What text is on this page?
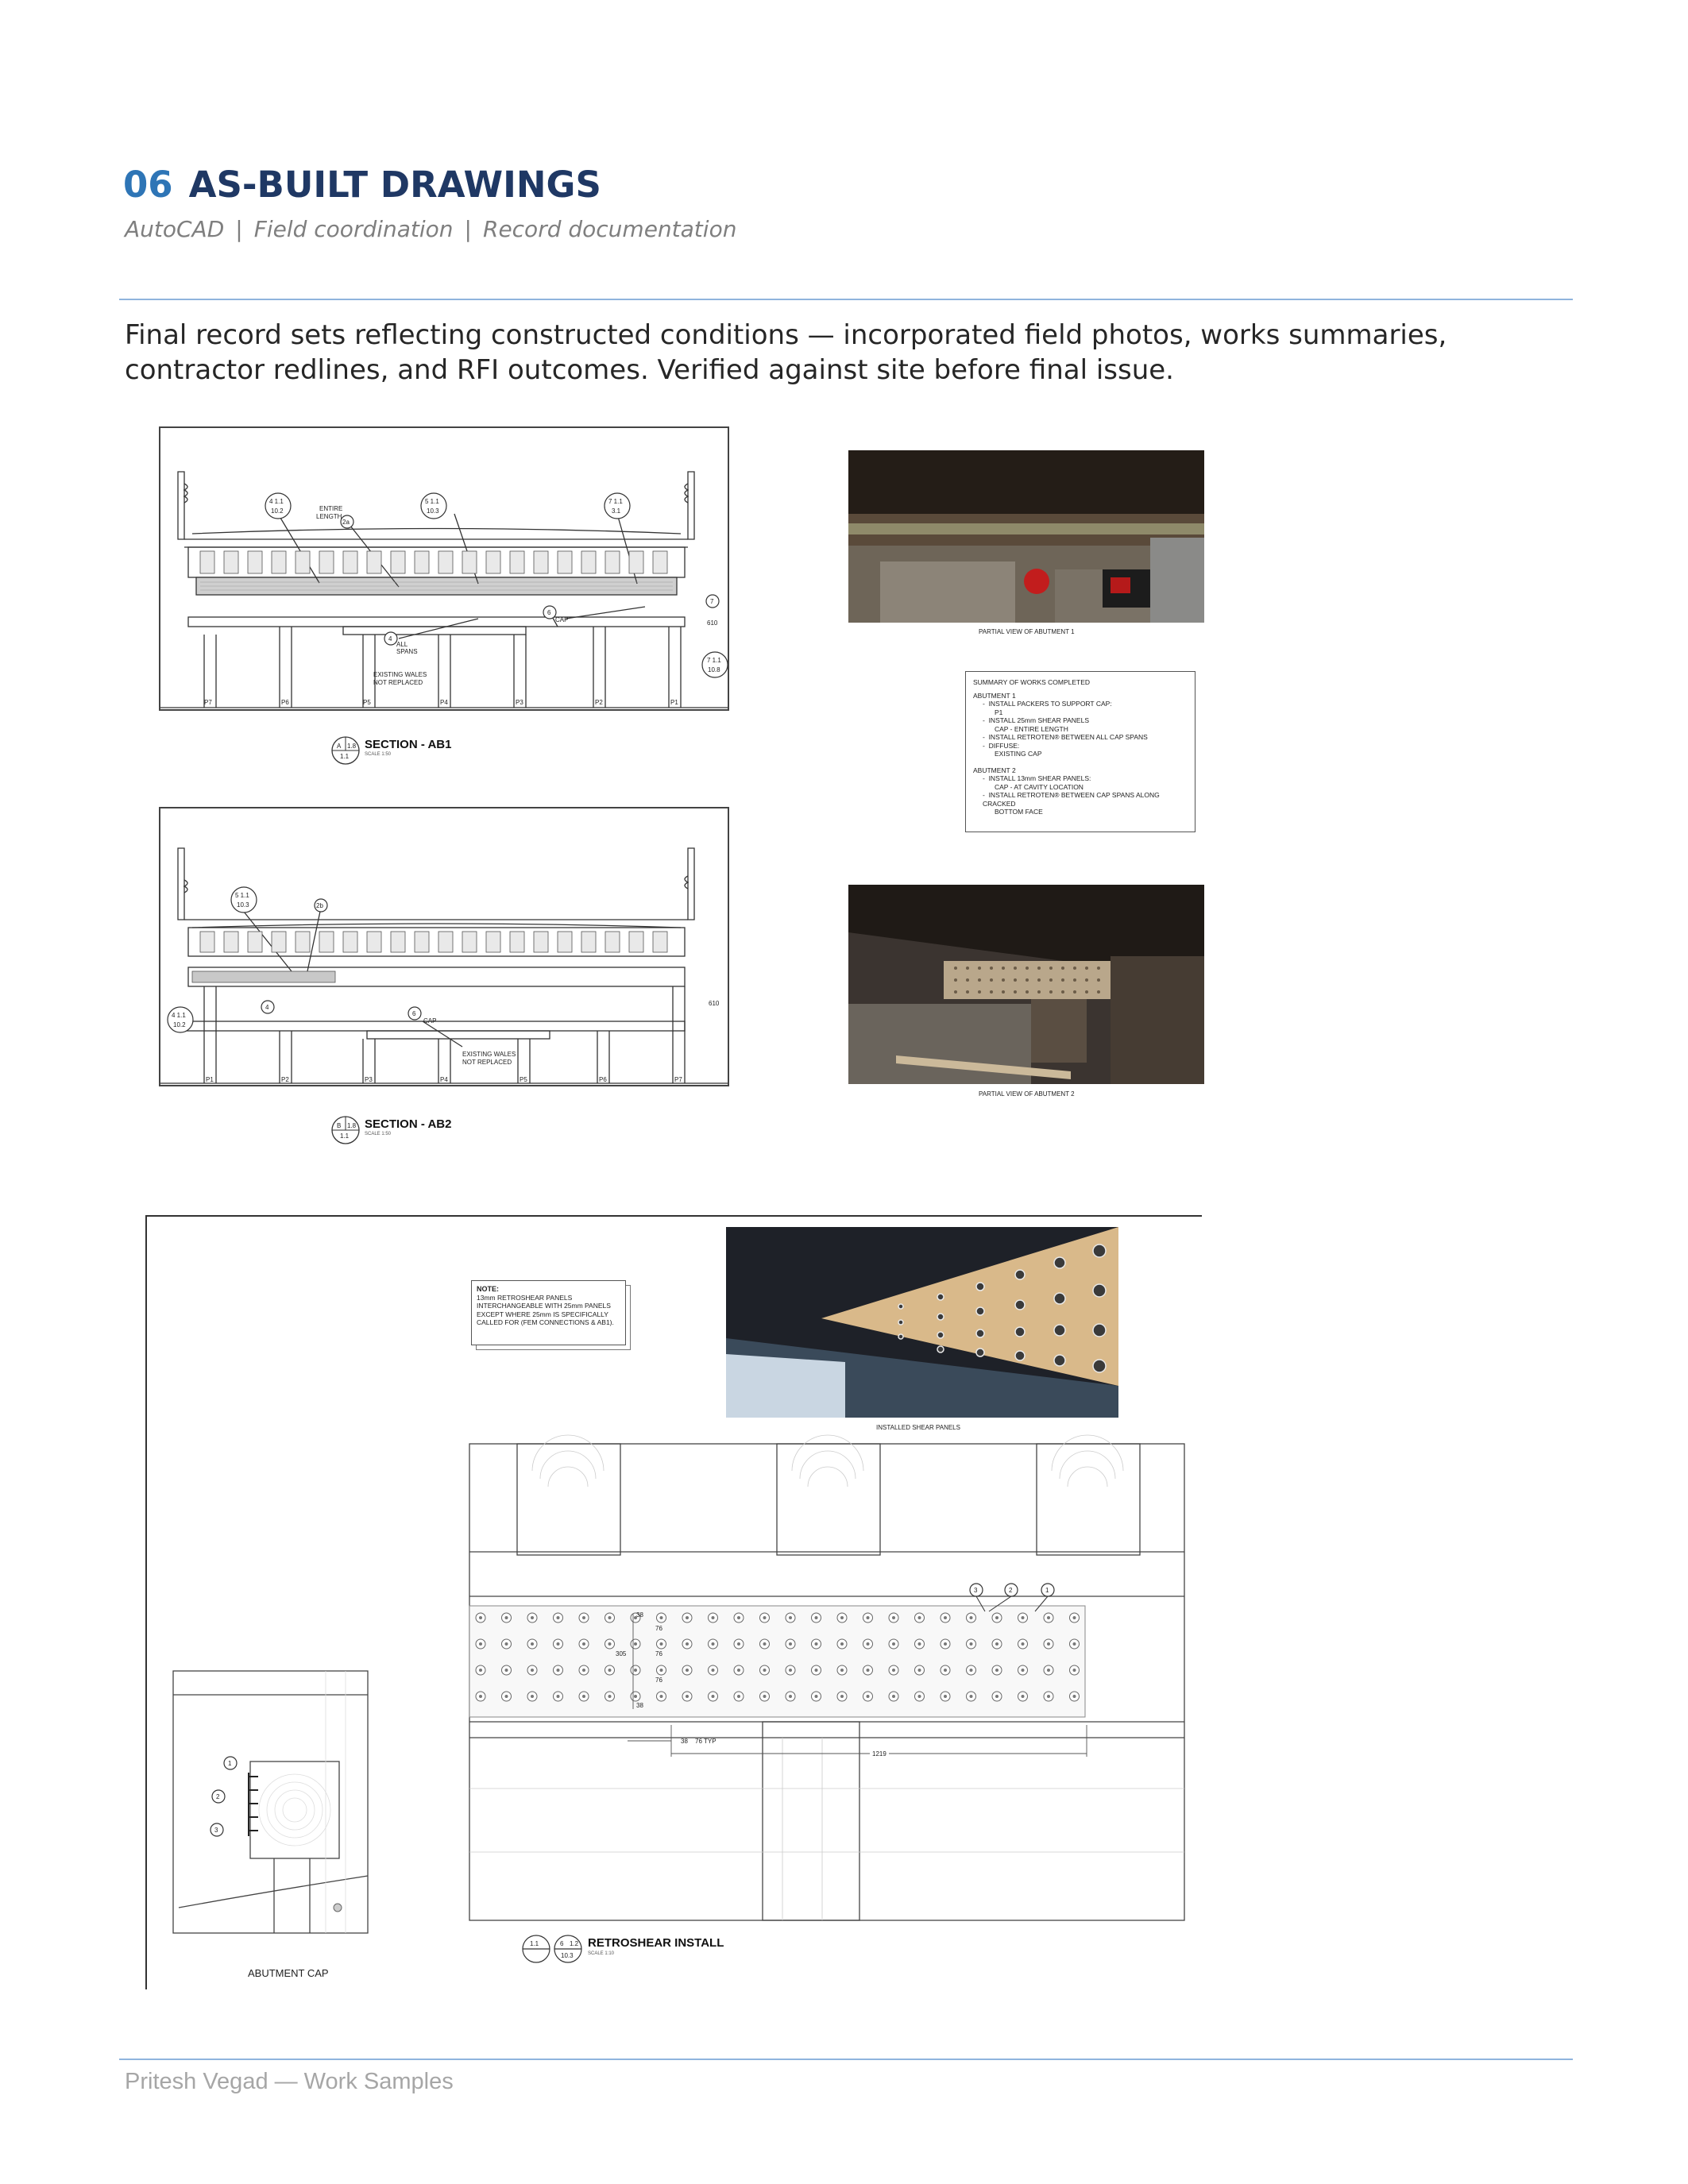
06 AS-BUILT DRAWINGS
AutoCAD | Field coordination | Record documentation
Final record sets reflecting constructed conditions — incorporated field photos, works summaries, contractor redlines, and RFI outcomes. Verified against site before final issue.
ENTIRE
LENGTH
4 1.1
10.2
2a
5 1.1
10.3
7 1.1
3.1
7
610
4
ALL
SPANS
6
CAP
EXISTING WALES
NOT REPLACED
7 1.1
10.8
P7	P6	P5	P4	P3	P2	P1
A 1.8
1.1
SECTION - AB1
SCALE 1:50
PARTIAL VIEW OF ABUTMENT 1
SUMMARY OF WORKS COMPLETED
ABUTMENT 1
-  INSTALL PACKERS TO SUPPORT CAP:
P1
-  INSTALL 25mm SHEAR PANELS
CAP - ENTIRE LENGTH
-  INSTALL RETROTEN® BETWEEN ALL CAP SPANS
-  DIFFUSE:
EXISTING CAP
ABUTMENT 2
-  INSTALL 13mm SHEAR PANELS:
CAP - AT CAVITY LOCATION
-  INSTALL RETROTEN® BETWEEN CAP SPANS ALONG CRACKED
BOTTOM FACE
5 1.1
10.3	2b
4
6
CAP
4 1.1
10.2
610
EXISTING WALES
NOT REPLACED
P1	P2	P3	P4	P5	P6	P7
B 1.8
1.1
SECTION - AB2
SCALE 1:50
PARTIAL VIEW OF ABUTMENT 2
38
76
305	76
76
38
38 76 TYP
1219
3	2	1
1
2
3
1.1	6 1.2
10.3
RETROSHEAR INSTALL
SCALE 1:10
INSTALLED SHEAR PANELS
NOTE:
13mm RETROSHEAR PANELS
INTERCHANGEABLE WITH 25mm PANELS
EXCEPT WHERE 25mm IS SPECIFICALLY
CALLED FOR (FEM CONNECTIONS & AB1).
ABUTMENT CAP
Pritesh Vegad — Work Samples
